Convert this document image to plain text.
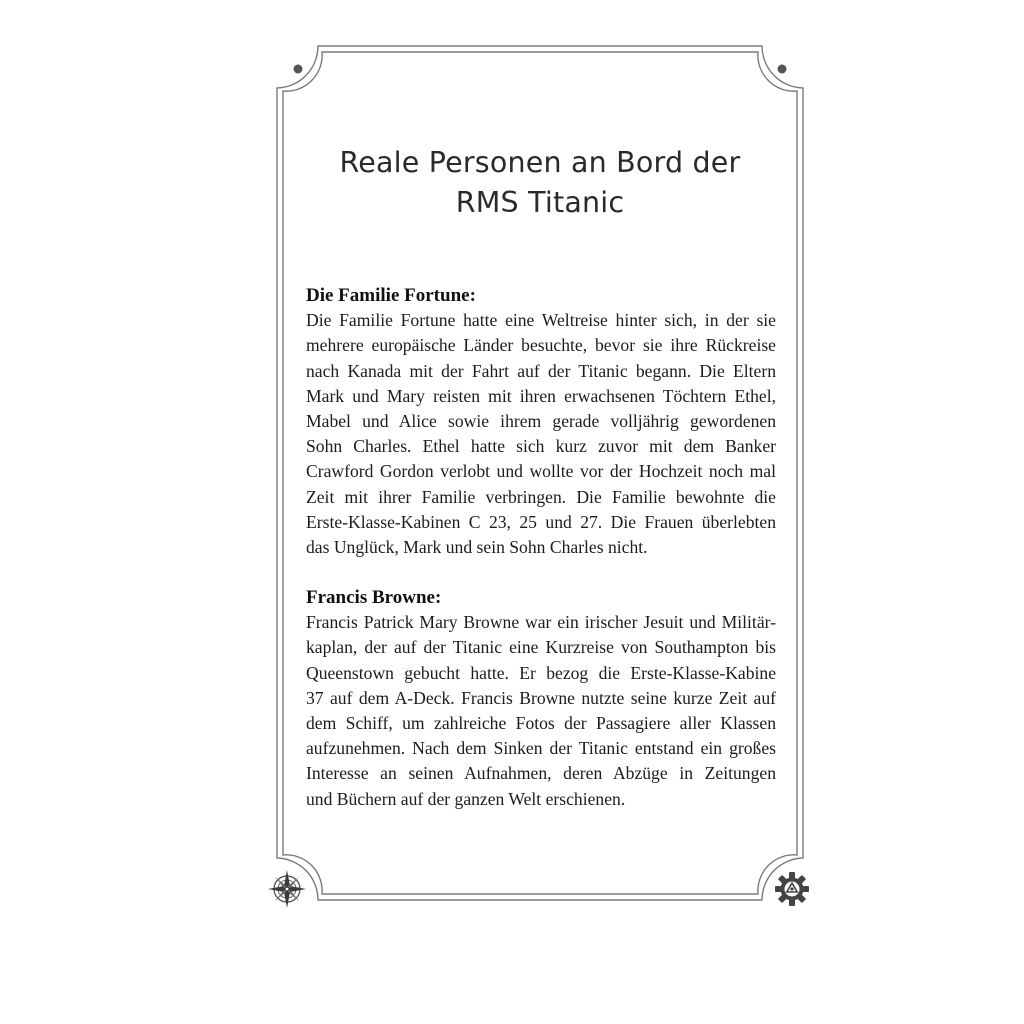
Reale Personen an Bord der
RMS Titanic
Die Familie Fortune:

Die Familie Fortune hatte eine Weltreise hinter sich, in der sie
mehrere europäische Länder besuchte, bevor sie ihre Rückreise
nach Kanada mit der Fahrt auf der Titanic begann. Die Eltern
Mark und Mary reisten mit ihren erwachsenen Töchtern Ethel,
Mabel und Alice sowie ihrem gerade volljährig gewordenen
Sohn Charles. Ethel hatte sich kurz zuvor mit dem Banker
Crawford Gordon verlobt und wollte vor der Hochzeit noch mal
Zeit mit ihrer Familie verbringen. Die Familie bewohnte die
Erste-Klasse-Kabinen C 23, 25 und 27. Die Frauen überlebten
das Unglück, Mark und sein Sohn Charles nicht.

Francis Browne:

Francis Patrick Mary Browne war ein irischer Jesuit und Militär-
kaplan, der auf der Titanic eine Kurzreise von Southampton bis
Queenstown gebucht hatte. Er bezog die Erste-Klasse-Kabine
37 auf dem A-Deck. Francis Browne nutzte seine kurze Zeit auf
dem Schiff, um zahlreiche Fotos der Passagiere aller Klassen
aufzunehmen. Nach dem Sinken der Titanic entstand ein großes
Interesse an seinen Aufnahmen, deren Abzüge in Zeitungen
und Büchern auf der ganzen Welt erschienen.
